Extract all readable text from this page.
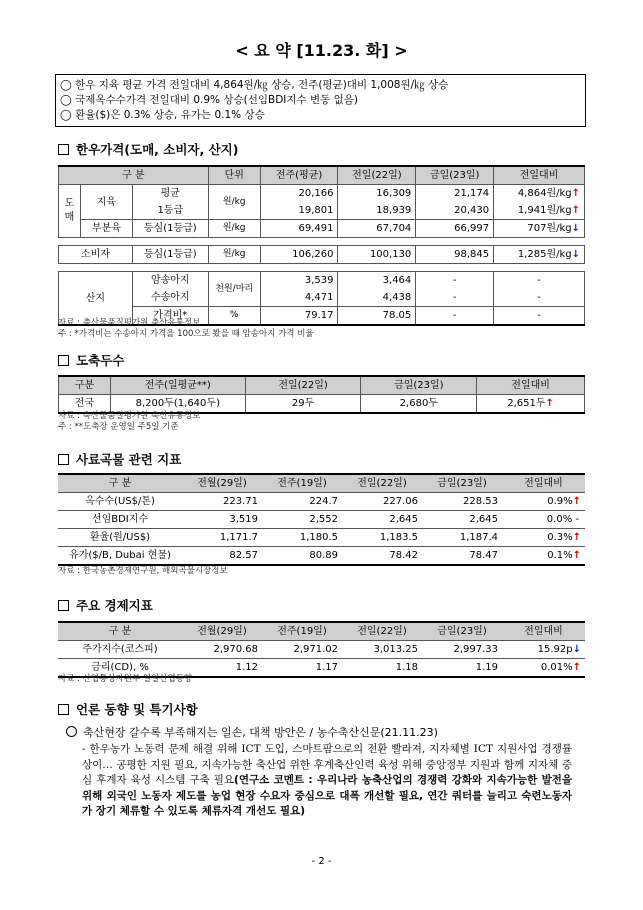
< 요 약 [11.23. 화] >
◯ 한우 지육 평균 가격 전일대비 4,864원/㎏ 상승, 전주(평균)대비 1,008원/㎏ 상승
◯ 국제옥수수가격 전일대비 0.9% 상승(선임BDI지수 변동 없음)
◯ 환율($)은 0.3% 상승, 유가는 0.1% 상승
한우가격(도매, 소비자, 산지)
구 분			단위	전주(평균)	전일(22일)	금일(23일)	전일대비
도
매	지육	평균	원/kg	20,166	16,309	21,174	4,864원/kg↑
		1등급		19,801	18,939	20,430	1,941원/kg↑
	부분육	등심(1등급)	원/kg	69,491	67,704	66,997	707원/kg↓

소비자		등심(1등급)	원/kg	106,260	100,130	98,845	1,285원/kg↓

산지		암송아지	천원/마리	3,539	3,464	-	-
		수송아지		4,471	4,438	-	-
		가격비*	%	79.17	78.05	-	-
자료 : 축산물품질평가원 축산유통정보
주 : *가격비는 수송아지 가격을 100으로 봤을 때 암송아지 가격 비율
도축두수
구분	전주(일평균**)	전일(22일)	금일(23일)	전일대비
전국	8,200두(1,640두)	29두	2,680두	2,651두↑
자료 : 축산물품질평가원 축산유통정보
주 : **도축장 운영일 주5일 기준
사료곡물 관련 지표
구 분	전월(29일)	전주(19일)	전일(22일)	금일(23일)	전일대비
옥수수(US$/톤)	223.71	224.7	227.06	228.53	0.9%↑
선임BDI지수	3,519	2,552	2,645	2,645	0.0% -
환율(원/US$)	1,171.7	1,180.5	1,183.5	1,187.4	0.3%↑
유가($/B, Dubai 현물)	82.57	80.89	78.42	78.47	0.1%↑
자료 : 한국농촌경제연구원, 해외곡물시장정보
주요 경제지표
구 분	전월(29일)	전주(19일)	전일(22일)	금일(23일)	전일대비
주가지수(코스피)	2,970.68	2,971.02	3,013.25	2,997.33	15.92p↓
금리(CD), %	1.12	1.17	1.18	1.19	0.01%↑
자료 : 산업통상자원부 일일산업동향
언론 동향 및 특기사항
축산현장 갈수록 부족해지는 일손, 대책 방안은 / 농수축산신문(21.11.23)
- 한우농가 노동력 문제 해결 위해 ICT 도입, 스마트팜으로의 전환 빨라져, 지자체별 ICT 지원사업 경쟁률 상이… 공평한 지원 필요, 지속가능한 축산업 위한 후계축산인력 육성 위해 중앙정부 지원과 함께 지자체 중심 후계자 육성 시스템 구축 필요(연구소 코멘트 : 우리나라 농축산업의 경쟁력 강화와 지속가능한 발전을 위해 외국인 노동자 제도를 농업 현장 수요자 중심으로 대폭 개선할 필요, 연간 쿼터를 늘리고 숙련노동자가 장기 체류할 수 있도록 체류자격 개선도 필요)
- 2 -
